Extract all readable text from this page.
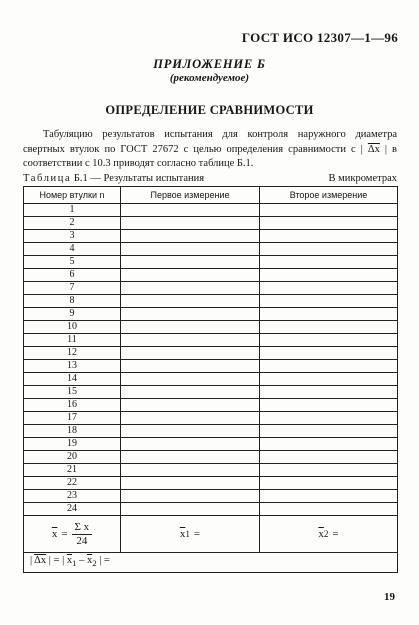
ГОСТ ИСО 12307—1—96
ПРИЛОЖЕНИЕ Б
(рекомендуемое)
ОПРЕДЕЛЕНИЕ СРАВНИМОСТИ

Табуляцию результатов испытания для контроля наружного диаметра свертных втулок по ГОСТ 27672 с целью определения сравнимости с | $\overline{\Delta x}$ | в соответствии с 10.3 приводят согласно таблице Б.1.

Таблица Б.1 — Результаты испытания	В микрометрах
Номер втулки n	Первое измерение	Второе измерение
1		
2		
3		
4		
5		
6		
7		
8		
9		
10		
11		
12		
13		
14		
15		
16		
17		
18		
19		
20		
21		
22		
23		
24		

$\overline{x} = \frac{\text{Σ x}}{24}$	$\overline{x}$ 1 =	$\overline{x}$ 2 =

| $\overline{\Delta x}$ | = | $\overline{x}_1 - \overline{x}_2$ | =		
19
